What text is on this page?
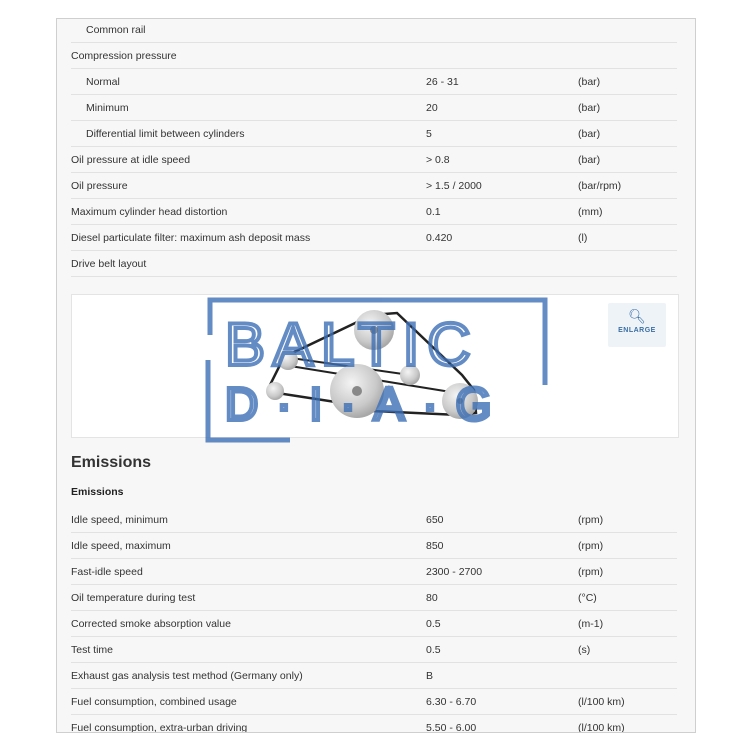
Common rail
Compression pressure
Normal	26 - 31	(bar)
Minimum	20	(bar)
Differential limit between cylinders	5	(bar)
Oil pressure at idle speed	> 0.8	(bar)
Oil pressure	> 1.5 / 2000	(bar/rpm)
Maximum cylinder head distortion	0.1	(mm)
Diesel particulate filter: maximum ash deposit mass	0.420	(l)
Drive belt layout
🔍︎
ENLARGE
Emissions
Emissions
Idle speed, minimum	650	(rpm)
Idle speed, maximum	850	(rpm)
Fast-idle speed	2300 - 2700	(rpm)
Oil temperature during test	80	(°C)
Corrected smoke absorption value	0.5	(m-1)
Test time	0.5	(s)
Exhaust gas analysis test method (Germany only)	B
Fuel consumption, combined usage	6.30 - 6.70	(l/100 km)
Fuel consumption, extra-urban driving	5.50 - 6.00	(l/100 km)
BALTIC
D·I·A·G
